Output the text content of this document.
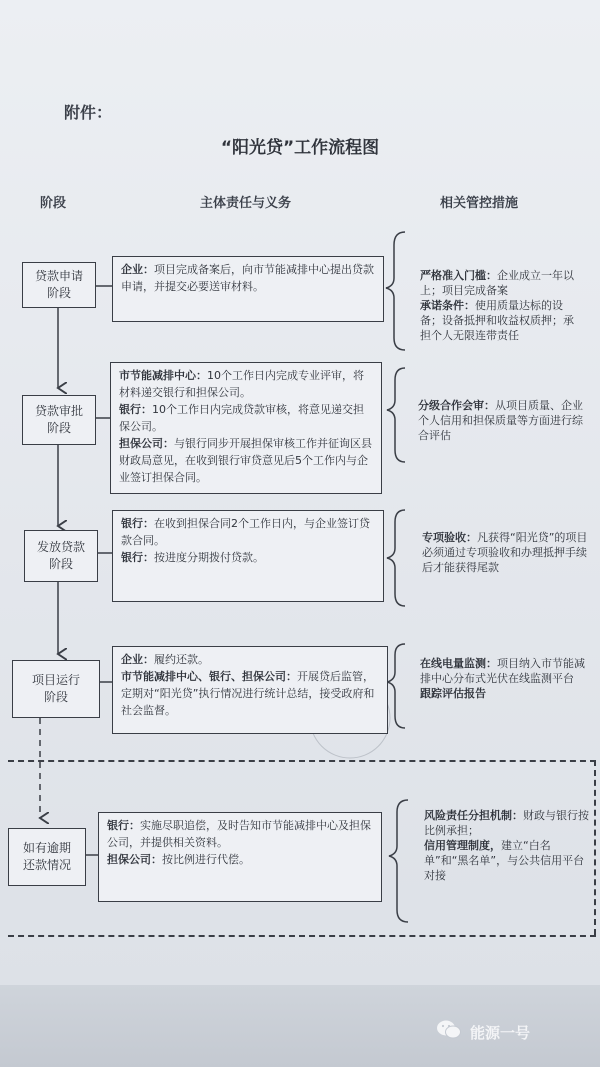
附件：
“阳光贷”工作流程图
阶段	主体责任与义务	相关管控措施
贷款申请
阶段
企业：项目完成备案后，向市节能减排中心提出贷款申请，并提交必要送审材料。
严格准入门槛：企业成立一年以上；项目完成备案
承诺条件：使用质量达标的设备；设备抵押和收益权质押；承担个人无限连带责任
贷款审批
阶段
市节能减排中心：10个工作日内完成专业评审，将材料递交银行和担保公司。
银行：10个工作日内完成贷款审核，将意见递交担保公司。
担保公司：与银行同步开展担保审核工作并征询区县财政局意见，在收到银行审贷意见后5个工作内与企业签订担保合同。
分级合作会审：从项目质量、企业个人信用和担保质量等方面进行综合评估
发放贷款
阶段
银行：在收到担保合同2个工作日内，与企业签订贷款合同。
银行：按进度分期拨付贷款。
专项验收：凡获得“阳光贷”的项目必须通过专项验收和办理抵押手续后才能获得尾款
项目运行
阶段
企业：履约还款。
市节能减排中心、银行、担保公司：开展贷后监管，定期对“阳光贷”执行情况进行统计总结，接受政府和社会监督。
在线电量监测：项目纳入市节能减排中心分布式光伏在线监测平台
跟踪评估报告
如有逾期
还款情况
银行：实施尽职追偿，及时告知市节能减排中心及担保公司，并提供相关资料。
担保公司：按比例进行代偿。
风险责任分担机制：财政与银行按比例承担；
信用管理制度，建立“白名单”和“黑名单”，与公共信用平台对接
能源一号
